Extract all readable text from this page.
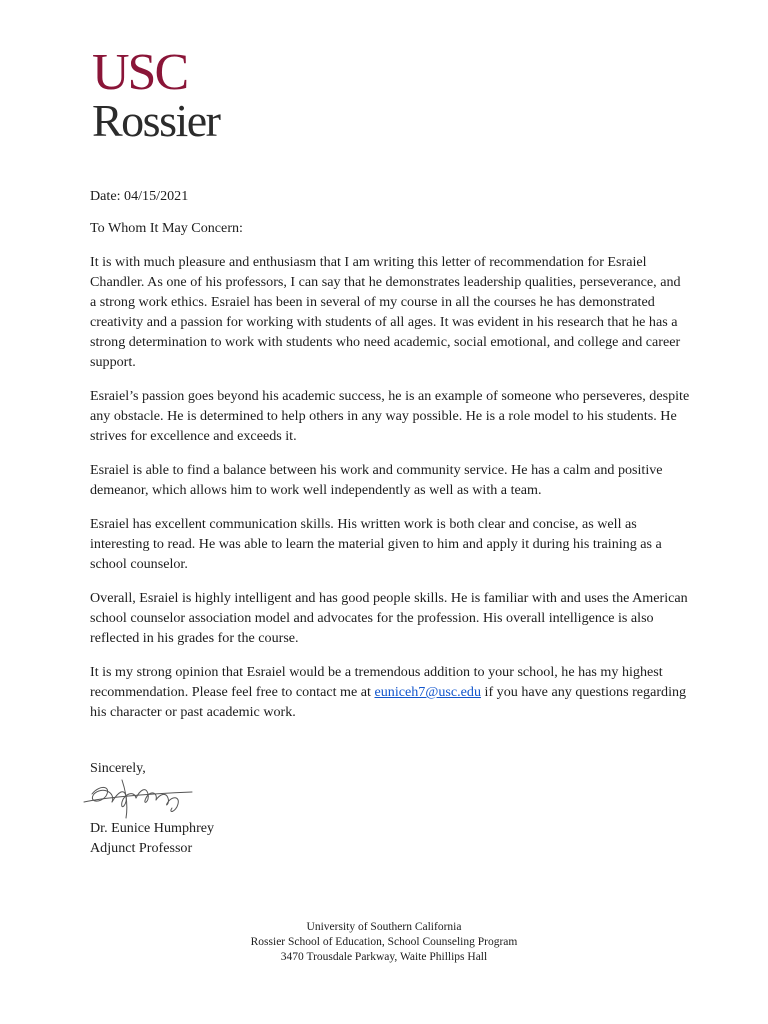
USC
Rossier

Date: 04/15/2021

To Whom It May Concern:

It is with much pleasure and enthusiasm that I am writing this letter of recommendation for Esraiel Chandler. As one of his professors, I can say that he demonstrates leadership qualities, perseverance, and a strong work ethics. Esraiel has been in several of my course in all the courses he has demonstrated creativity and a passion for working with students of all ages. It was evident in his research that he has a strong determination to work with students who need academic, social emotional, and college and career support.

Esraiel’s passion goes beyond his academic success, he is an example of someone who perseveres, despite any obstacle. He is determined to help others in any way possible. He is a role model to his students. He strives for excellence and exceeds it.

Esraiel is able to find a balance between his work and community service. He has a calm and positive demeanor, which allows him to work well independently as well as with a team.

Esraiel has excellent communication skills. His written work is both clear and concise, as well as interesting to read. He was able to learn the material given to him and apply it during his training as a school counselor.

Overall, Esraiel is highly intelligent and has good people skills. He is familiar with and uses the American school counselor association model and advocates for the profession. His overall intelligence is also reflected in his grades for the course.

It is my strong opinion that Esraiel would be a tremendous addition to your school, he has my highest recommendation. Please feel free to contact me at euniceh7@usc.edu if you have any questions regarding his character or past academic work.

Sincerely,
Dr. Eunice Humphrey
Adjunct Professor
University of Southern California
Rossier School of Education, School Counseling Program
3470 Trousdale Parkway, Waite Phillips Hall
